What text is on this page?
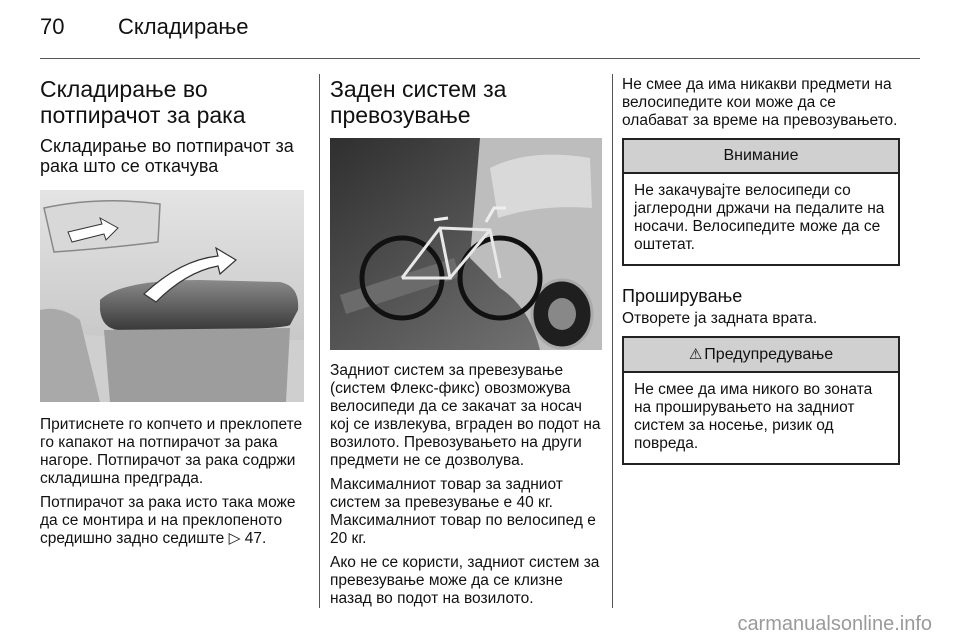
70 Складирање
Складирање во потпирачот за рака
Складирање во потпирачот за рака што се откачува

Притиснете го копчето и преклопете го капакот на потпирачот за рака нагоре. Потпирачот за рака содржи складишна предграда.

Потпирачот за рака исто така може да се монтира и на преклопеното средишно задно седиште ▷ 47.

Заден систем за превозување

Задниот систем за превезување (систем Флекс-фикс) овозможува велосипеди да се закачат за носач кој се извлекува, вграден во подот на возилото. Превозувањето на други предмети не се дозволува.

Максималниот товар за задниот систем за превезување е 40 кг. Максималниот товар по велосипед е 20 кг.

Ако не се користи, задниот систем за превезување може да се клизне назад во подот на возилото.

Не смее да има никакви предмети на велосипедите кои може да се олабават за време на превозувањето.

Внимание
Не закачувајте велосипеди со јаглеродни држачи на педалите на носачи. Велосипедите може да се оштетат.
Проширување

Отворете ја задната врата.

⚠ Предупредување
Не смее да има никого во зоната на проширувањето на задниот систем за носење, ризик од повреда.
carmanualsonline.info
